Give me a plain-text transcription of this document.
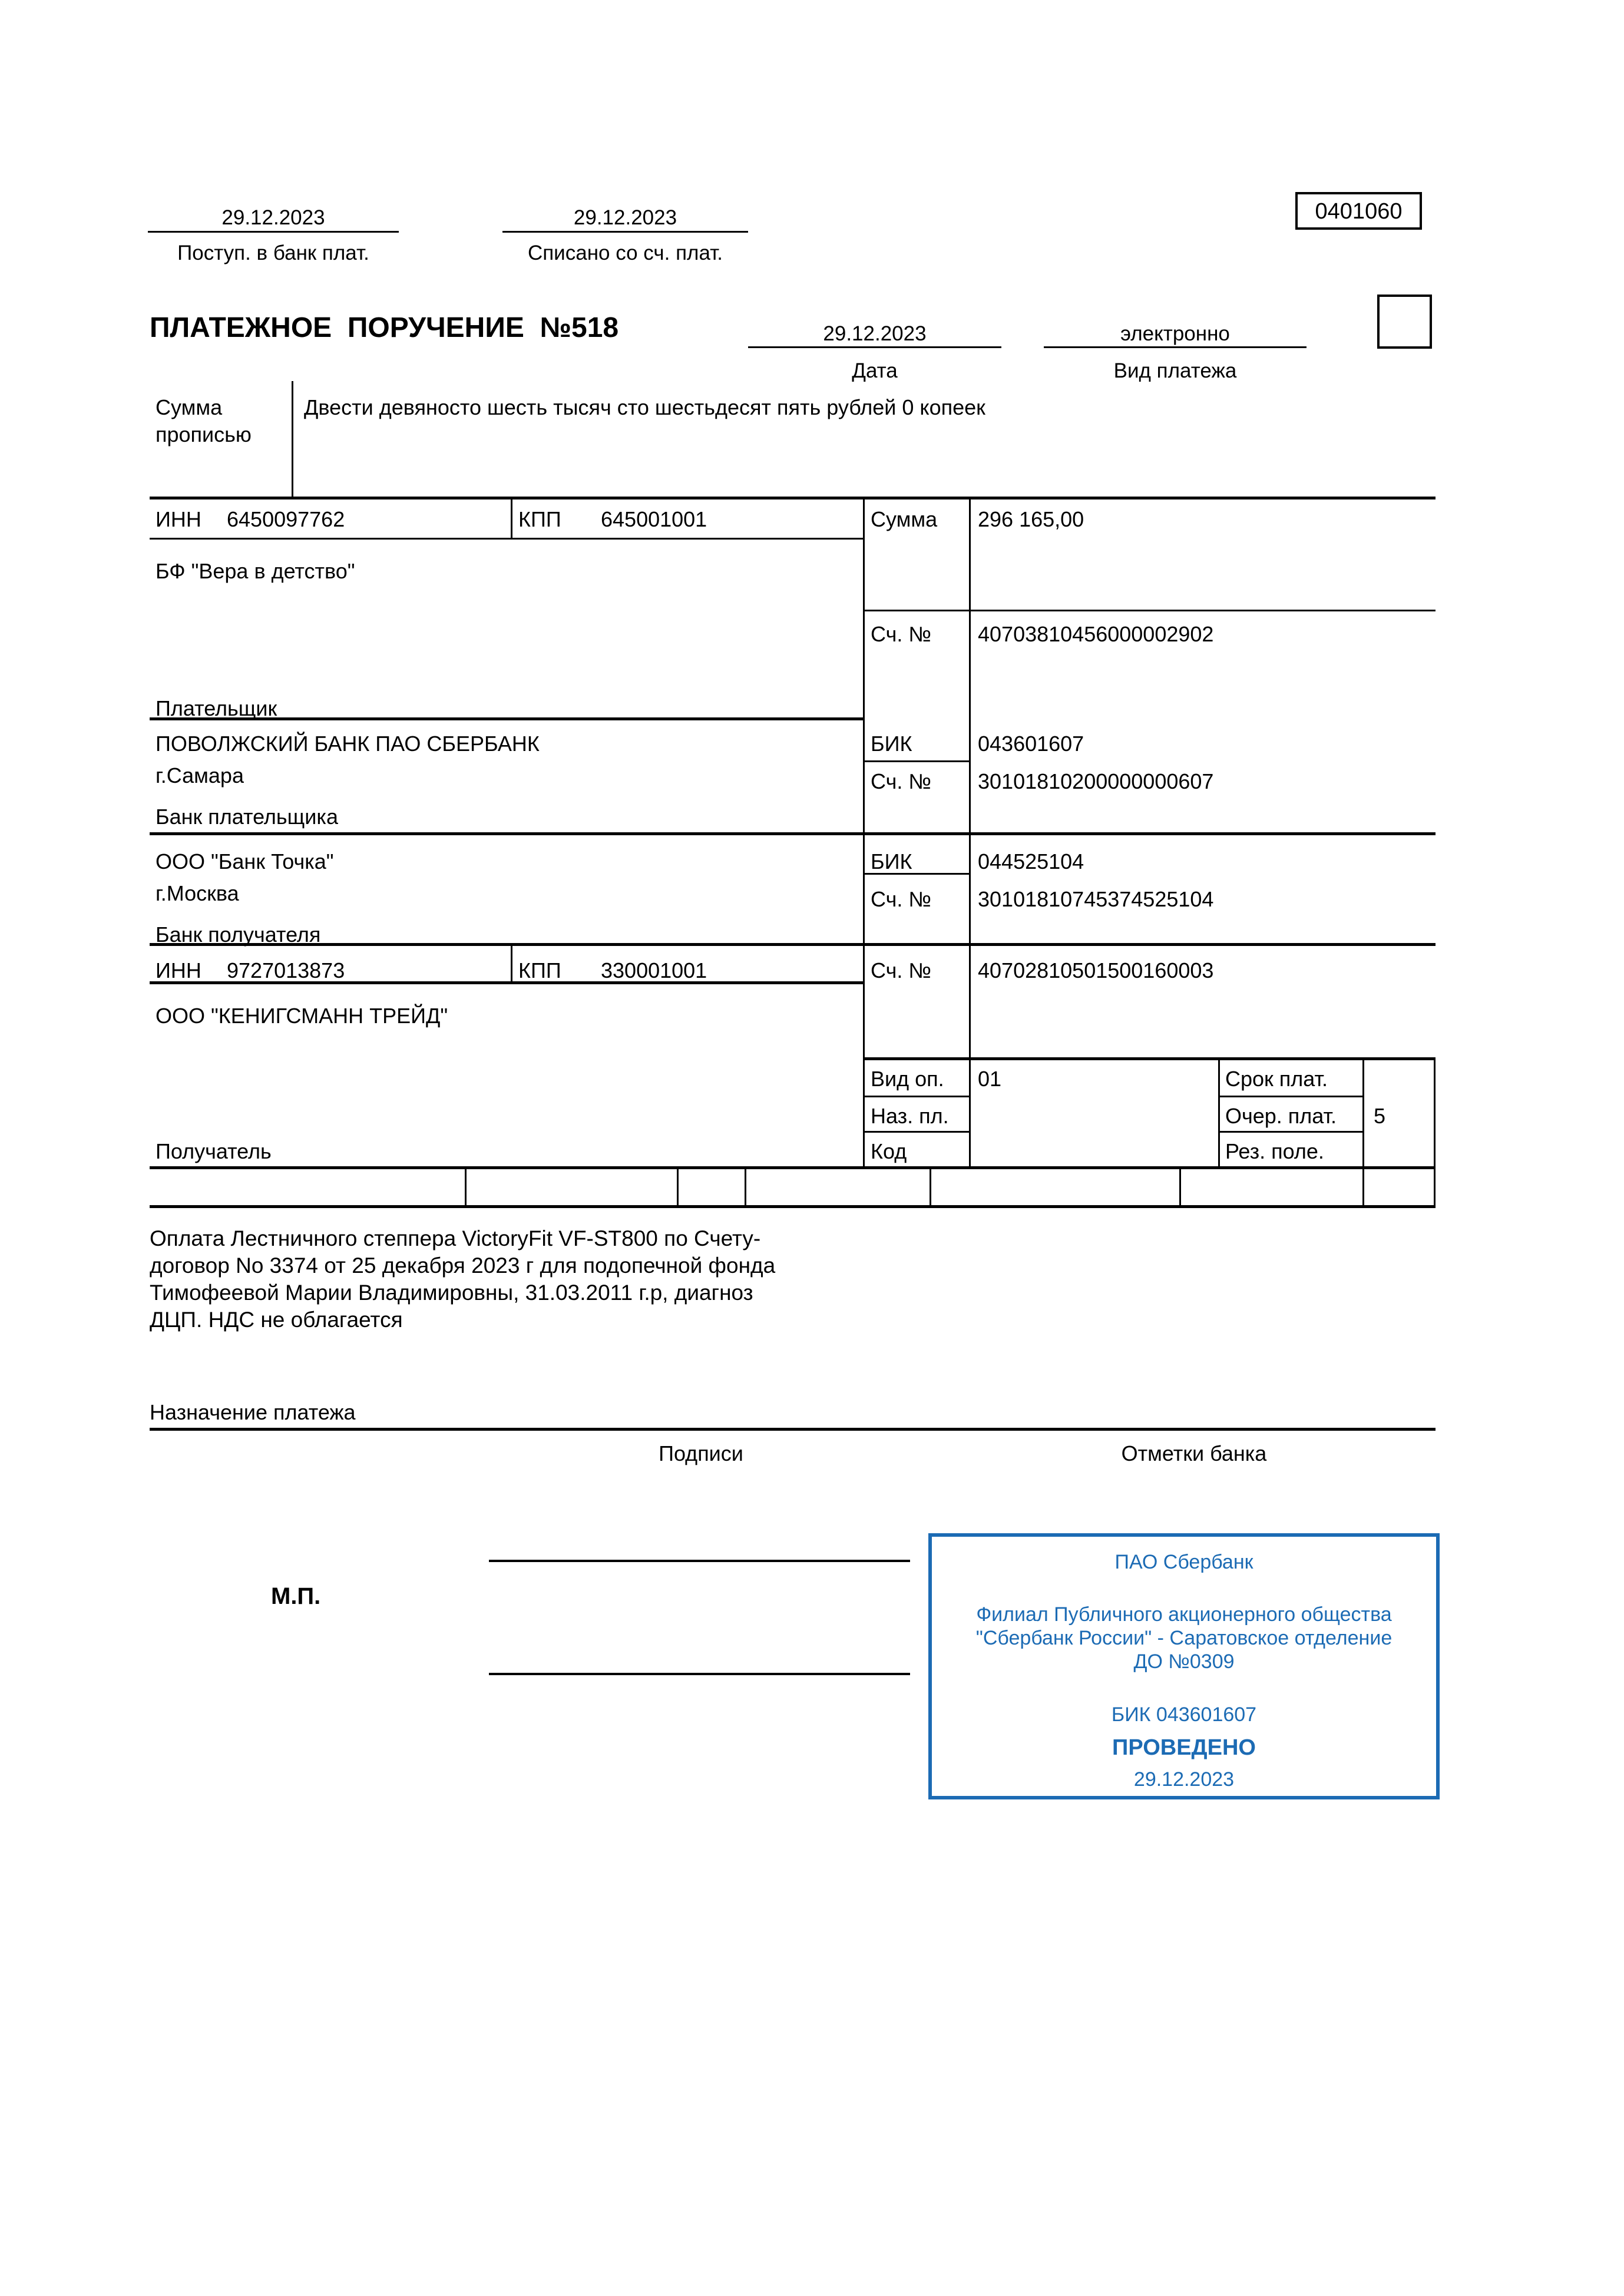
29.12.2023
Поступ. в банк плат.
29.12.2023
Списано со сч. плат.
0401060
ПЛАТЕЖНОЕ  ПОРУЧЕНИЕ  №518	29.12.2023
Дата
электронно
Вид платежа
Сумма
прописью
Двести девяносто шесть тысяч сто шестьдесят пять рублей 0 копеек
ИНН 6450097762	КПП 645001001	Сумма 296 165,00
БФ "Вера в детство"
Сч. № 40703810456000002902
Плательщик
ПОВОЛЖСКИЙ БАНК ПАО СБЕРБАНК
г.Самара
БИК	043601607
Сч. № 30101810200000000607
Банк плательщика
ООО "Банк Точка"
г.Москва
БИК	044525104
Сч. № 30101810745374525104
Банк получателя
ИНН 9727013873	КПП 330001001	Сч. № 40702810501500160003
ООО "КЕНИГСМАНН ТРЕЙД"
Вид оп. 01	Срок плат.
Наз. пл.	Очер. плат. 5
Код	Рез. поле.
Получатель
Оплата Лестничного степпера VictoryFit VF-ST800 по Счету-
договор No 3374 от 25 декабря 2023 г для подопечной фонда
Тимофеевой Марии Владимировны, 31.03.2011 г.р, диагноз
ДЦП. НДС не облагается
Назначение платежа
Подписи	Отметки банка
М.П.
ПАО Сбербанк
Филиал Публичного акционерного общества
"Сбербанк России" - Саратовское отделение
ДО №0309
БИК 043601607
ПРОВЕДЕНО
29.12.2023
